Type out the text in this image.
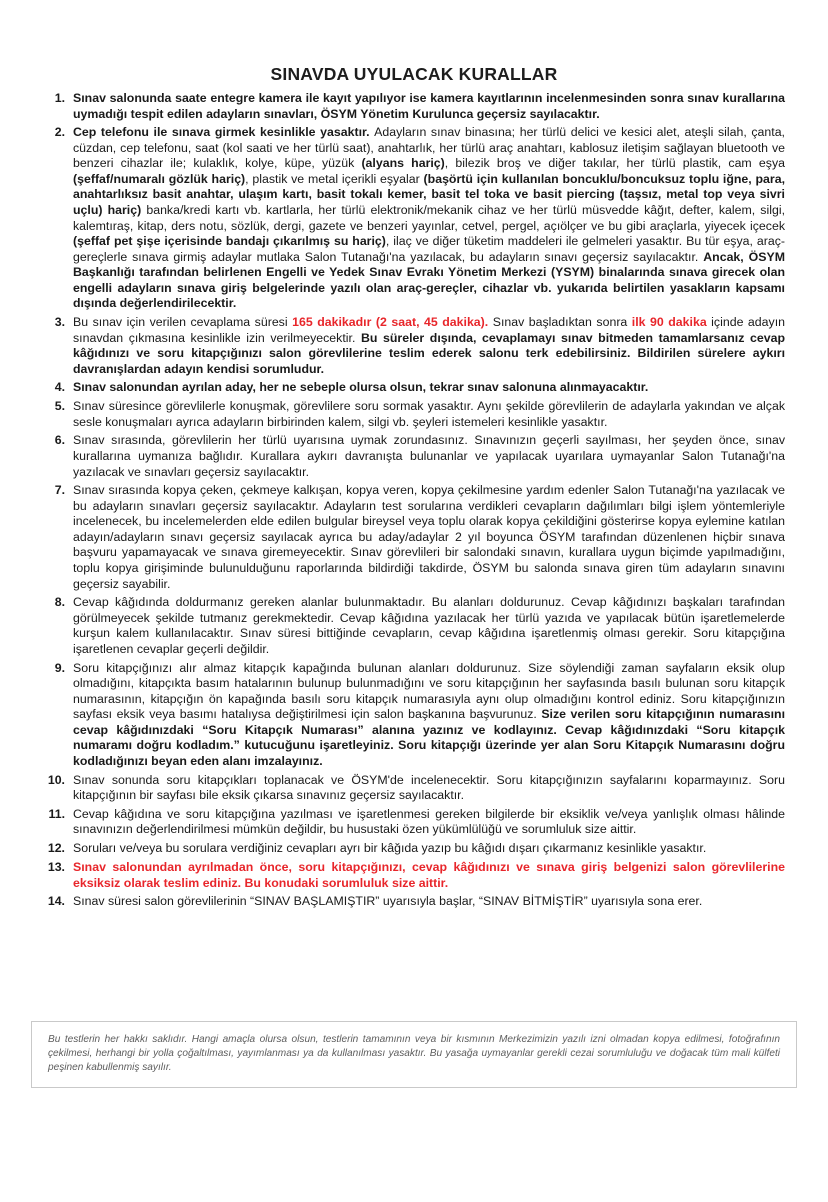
SINAVDA UYULACAK KURALLAR
1. Sınav salonunda saate entegre kamera ile kayıt yapılıyor ise kamera kayıtlarının incelenmesinden sonra sınav kurallarına uymadığı tespit edilen adayların sınavları, ÖSYM Yönetim Kurulunca geçersiz sayılacaktır.
2. Cep telefonu ile sınava girmek kesinlikle yasaktır. Adayların sınav binasına; her türlü delici ve kesici alet, ateşli silah, çanta, cüzdan, cep telefonu, saat (kol saati ve her türlü saat), anahtarlık, her türlü araç anahtarı, kablosuz iletişim sağlayan bluetooth ve benzeri cihazlar ile; kulaklık, kolye, küpe, yüzük (alyans hariç), bilezik broş ve diğer takılar, her türlü plastik, cam eşya (şeffaf/numaralı gözlük hariç), plastik ve metal içerikli eşyalar (başörtü için kullanılan boncuklu/boncuksuz toplu iğne, para, anahtarlıksız basit anahtar, ulaşım kartı, basit tokalı kemer, basit tel toka ve basit piercing (taşsız, metal top veya sivri uçlu) hariç) banka/kredi kartı vb. kartlarla, her türlü elektronik/mekanik cihaz ve her türlü müsvedde kâğıt, defter, kalem, silgi, kalemtıraş, kitap, ders notu, sözlük, dergi, gazete ve benzeri yayınlar, cetvel, pergel, açıölçer ve bu gibi araçlarla, yiyecek içecek (şeffaf pet şişe içerisinde bandajı çıkarılmış su hariç), ilaç ve diğer tüketim maddeleri ile gelmeleri yasaktır. Bu tür eşya, araç-gereçlerle sınava girmiş adaylar mutlaka Salon Tutanağı'na yazılacak, bu adayların sınavı geçersiz sayılacaktır. Ancak, ÖSYM Başkanlığı tarafından belirlenen Engelli ve Yedek Sınav Evrakı Yönetim Merkezi (YSYM) binalarında sınava girecek olan engelli adayların sınava giriş belgelerinde yazılı olan araç-gereçler, cihazlar vb. yukarıda belirtilen yasakların kapsamı dışında değerlendirilecektir.
3. Bu sınav için verilen cevaplama süresi 165 dakikadır (2 saat, 45 dakika). Sınav başladıktan sonra ilk 90 dakika içinde adayın sınavdan çıkmasına kesinlikle izin verilmeyecektir. Bu süreler dışında, cevaplamayı sınav bitmeden tamamlarsanız cevap kâğıdınızı ve soru kitapçığınızı salon görevlilerine teslim ederek salonu terk edebilirsiniz. Bildirilen sürelere aykırı davranışlardan adayın kendisi sorumludur.
4. Sınav salonundan ayrılan aday, her ne sebeple olursa olsun, tekrar sınav salonuna alınmayacaktır.
5. Sınav süresince görevlilerle konuşmak, görevlilere soru sormak yasaktır. Aynı şekilde görevlilerin de adaylarla yakından ve alçak sesle konuşmaları ayrıca adayların birbirinden kalem, silgi vb. şeyleri istemeleri kesinlikle yasaktır.
6. Sınav sırasında, görevlilerin her türlü uyarısına uymak zorundasınız. Sınavınızın geçerli sayılması, her şeyden önce, sınav kurallarına uymanıza bağlıdır. Kurallara aykırı davranışta bulunanlar ve yapılacak uyarılara uymayanlar Salon Tutanağı'na yazılacak ve sınavları geçersiz sayılacaktır.
7. Sınav sırasında kopya çeken, çekmeye kalkışan, kopya veren, kopya çekilmesine yardım edenler Salon Tutanağı'na yazılacak ve bu adayların sınavları geçersiz sayılacaktır. Adayların test sorularına verdikleri cevapların dağılımları bilgi işlem yöntemleriyle incelenecek, bu incelemelerden elde edilen bulgular bireysel veya toplu olarak kopya çekildiğini gösterirse kopya eylemine katılan adayın/adayların sınavı geçersiz sayılacak ayrıca bu aday/adaylar 2 yıl boyunca ÖSYM tarafından düzenlenen hiçbir sınava başvuru yapamayacak ve sınava giremeyecektir. Sınav görevlileri bir salondaki sınavın, kurallara uygun biçimde yapılmadığını, toplu kopya girişiminde bulunulduğunu raporlarında bildirdiği takdirde, ÖSYM bu salonda sınava giren tüm adayların sınavını geçersiz sayabilir.
8. Cevap kâğıdında doldurmanız gereken alanlar bulunmaktadır. Bu alanları doldurunuz. Cevap kâğıdınızı başkaları tarafından görülmeyecek şekilde tutmanız gerekmektedir. Cevap kâğıdına yazılacak her türlü yazıda ve yapılacak bütün işaretlemelerde kurşun kalem kullanılacaktır. Sınav süresi bittiğinde cevapların, cevap kâğıdına işaretlenmiş olması gerekir. Soru kitapçığına işaretlenen cevaplar geçerli değildir.
9. Soru kitapçığınızı alır almaz kitapçık kapağında bulunan alanları doldurunuz. Size söylendiği zaman sayfaların eksik olup olmadığını, kitapçıkta basım hatalarının bulunup bulunmadığını ve soru kitapçığının her sayfasında basılı bulunan soru kitapçık numarasının, kitapçığın ön kapağında basılı soru kitapçık numarasıyla aynı olup olmadığını kontrol ediniz. Soru kitapçığınızın sayfası eksik veya basımı hatalıysa değiştirilmesi için salon başkanına başvurunuz. Size verilen soru kitapçığının numarasını cevap kâğıdınızdaki “Soru Kitapçık Numarası” alanına yazınız ve kodlayınız. Cevap kâğıdınızdaki “Soru kitapçık numaramı doğru kodladım.” kutucuğunu işaretleyiniz. Soru kitapçığı üzerinde yer alan Soru Kitapçık Numarasını doğru kodladığınızı beyan eden alanı imzalayınız.
10. Sınav sonunda soru kitapçıkları toplanacak ve ÖSYM'de incelenecektir. Soru kitapçığınızın sayfalarını koparmayınız. Soru kitapçığının bir sayfası bile eksik çıkarsa sınavınız geçersiz sayılacaktır.
11. Cevap kâğıdına ve soru kitapçığına yazılması ve işaretlenmesi gereken bilgilerde bir eksiklik ve/veya yanlışlık olması hâlinde sınavınızın değerlendirilmesi mümkün değildir, bu husustaki özen yükümlülüğü ve sorumluluk size aittir.
12. Soruları ve/veya bu sorulara verdiğiniz cevapları ayrı bir kâğıda yazıp bu kâğıdı dışarı çıkarmanız kesinlikle yasaktır.
13. Sınav salonundan ayrılmadan önce, soru kitapçığınızı, cevap kâğıdınızı ve sınava giriş belgenizi salon görevlilerine eksiksiz olarak teslim ediniz. Bu konudaki sorumluluk size aittir.
14. Sınav süresi salon görevlilerinin “SINAV BAŞLAMIŞTIR” uyarısıyla başlar, “SINAV BİTMİŞTİR” uyarısıyla sona erer.

Bu testlerin her hakkı saklıdır. Hangi amaçla olursa olsun, testlerin tamamının veya bir kısmının Merkezimizin yazılı izni olmadan kopya edilmesi, fotoğrafının çekilmesi, herhangi bir yolla çoğaltılması, yayımlanması ya da kullanılması yasaktır. Bu yasağa uymayanlar gerekli cezai sorumluluğu ve doğacak tüm mali külfeti peşinen kabullenmiş sayılır.
